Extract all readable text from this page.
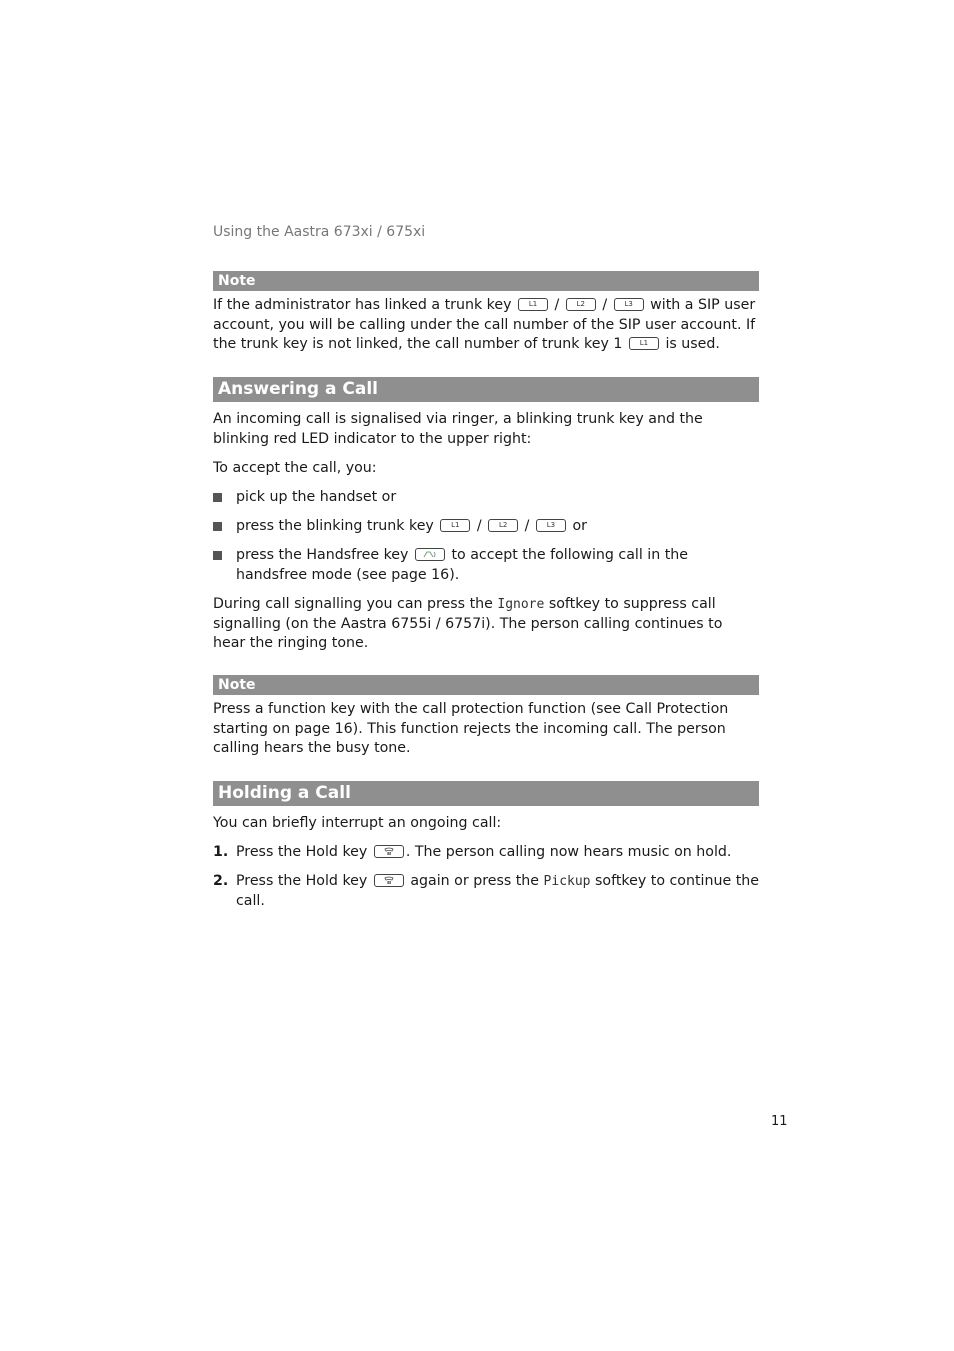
Using the Aastra 673xi / 675xi
Note

If the administrator has linked a trunk key L1 / L2 / L3 with a SIP user account, you will be calling under the call number of the SIP user account. If the trunk key is not linked, the call number of trunk key 1 L1 is used.

Answering a Call

An incoming call is signalised via ringer, a blinking trunk key and the blinking red LED indicator to the upper right:

To accept the call, you:

pick up the handset or
press the blinking trunk key L1 / L2 / L3 or
press the Handsfree key	to accept the following call in the handsfree mode (see page 16).

During call signalling you can press the Ignore softkey to suppress call signalling (on the Aastra 6755i / 6757i). The person calling continues to hear the ringing tone.

Note

Press a function key with the call protection function (see Call Protection starting on page 16). This function rejects the incoming call. The person calling hears the busy tone.

Holding a Call

You can briefly interrupt an ongoing call:

1. Press the Hold key	. The person calling now hears music on hold.
2. Press the Hold key	again or press the Pickup softkey to continue the call.
11
